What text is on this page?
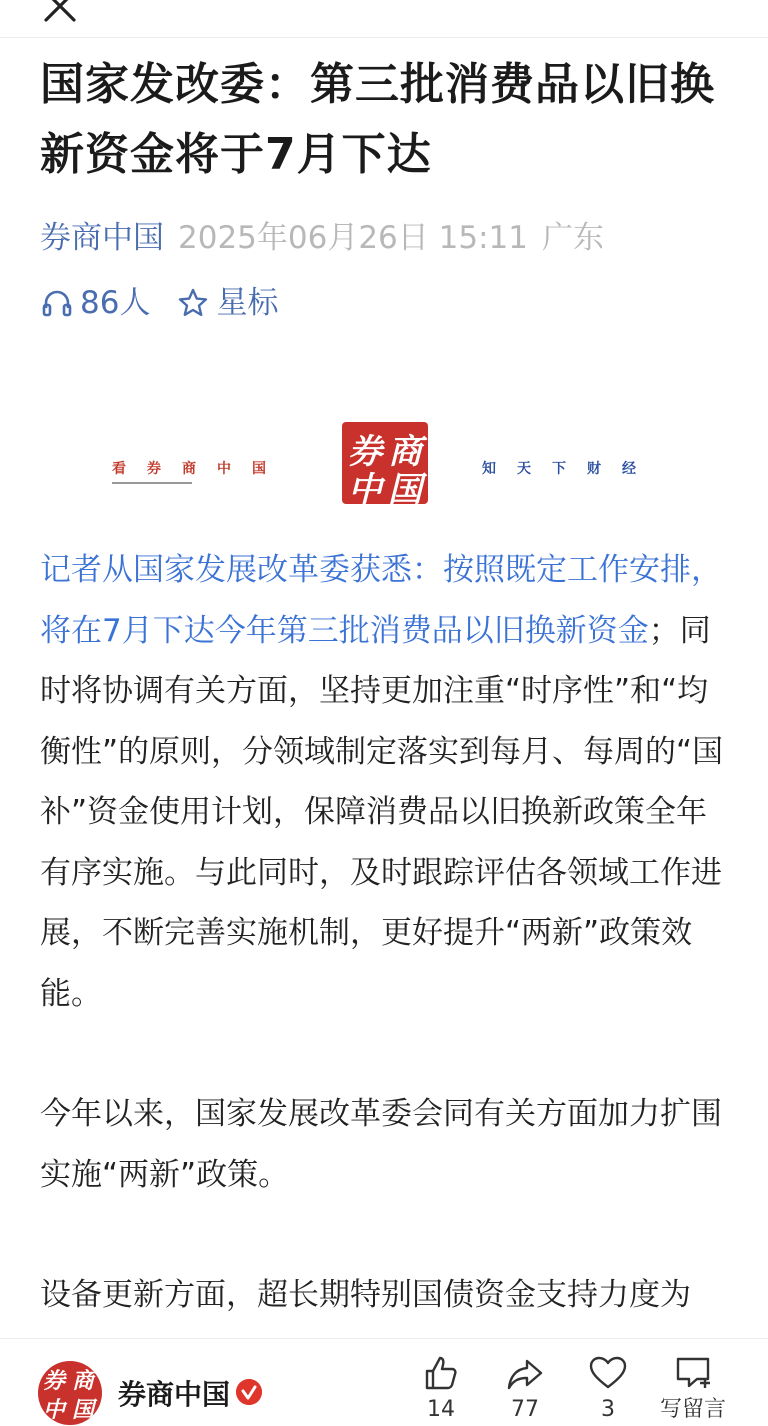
国家发改委：第三批消费品以旧换新资金将于7月下达
券商中国 2025年06月26日 15:11 广东
86人 星标
看券商中国 券 商
中 国
知天下财经

记者从国家发展改革委获悉：按照既定工作安排，将在7月下达今年第三批消费品以旧换新资金；同时将协调有关方面，坚持更加注重“时序性”和“均衡性”的原则，分领域制定落实到每月、每周的“国补”资金使用计划，保障消费品以旧换新政策全年有序实施。与此同时，及时跟踪评估各领域工作进展，不断完善实施机制，更好提升“两新”政策效能。

今年以来，国家发展改革委会同有关方面加力扩围实施“两新”政策。

设备更新方面，超长期特别国债资金支持力度为

券 商
中 国 券商中国	14	77	3	写留言
